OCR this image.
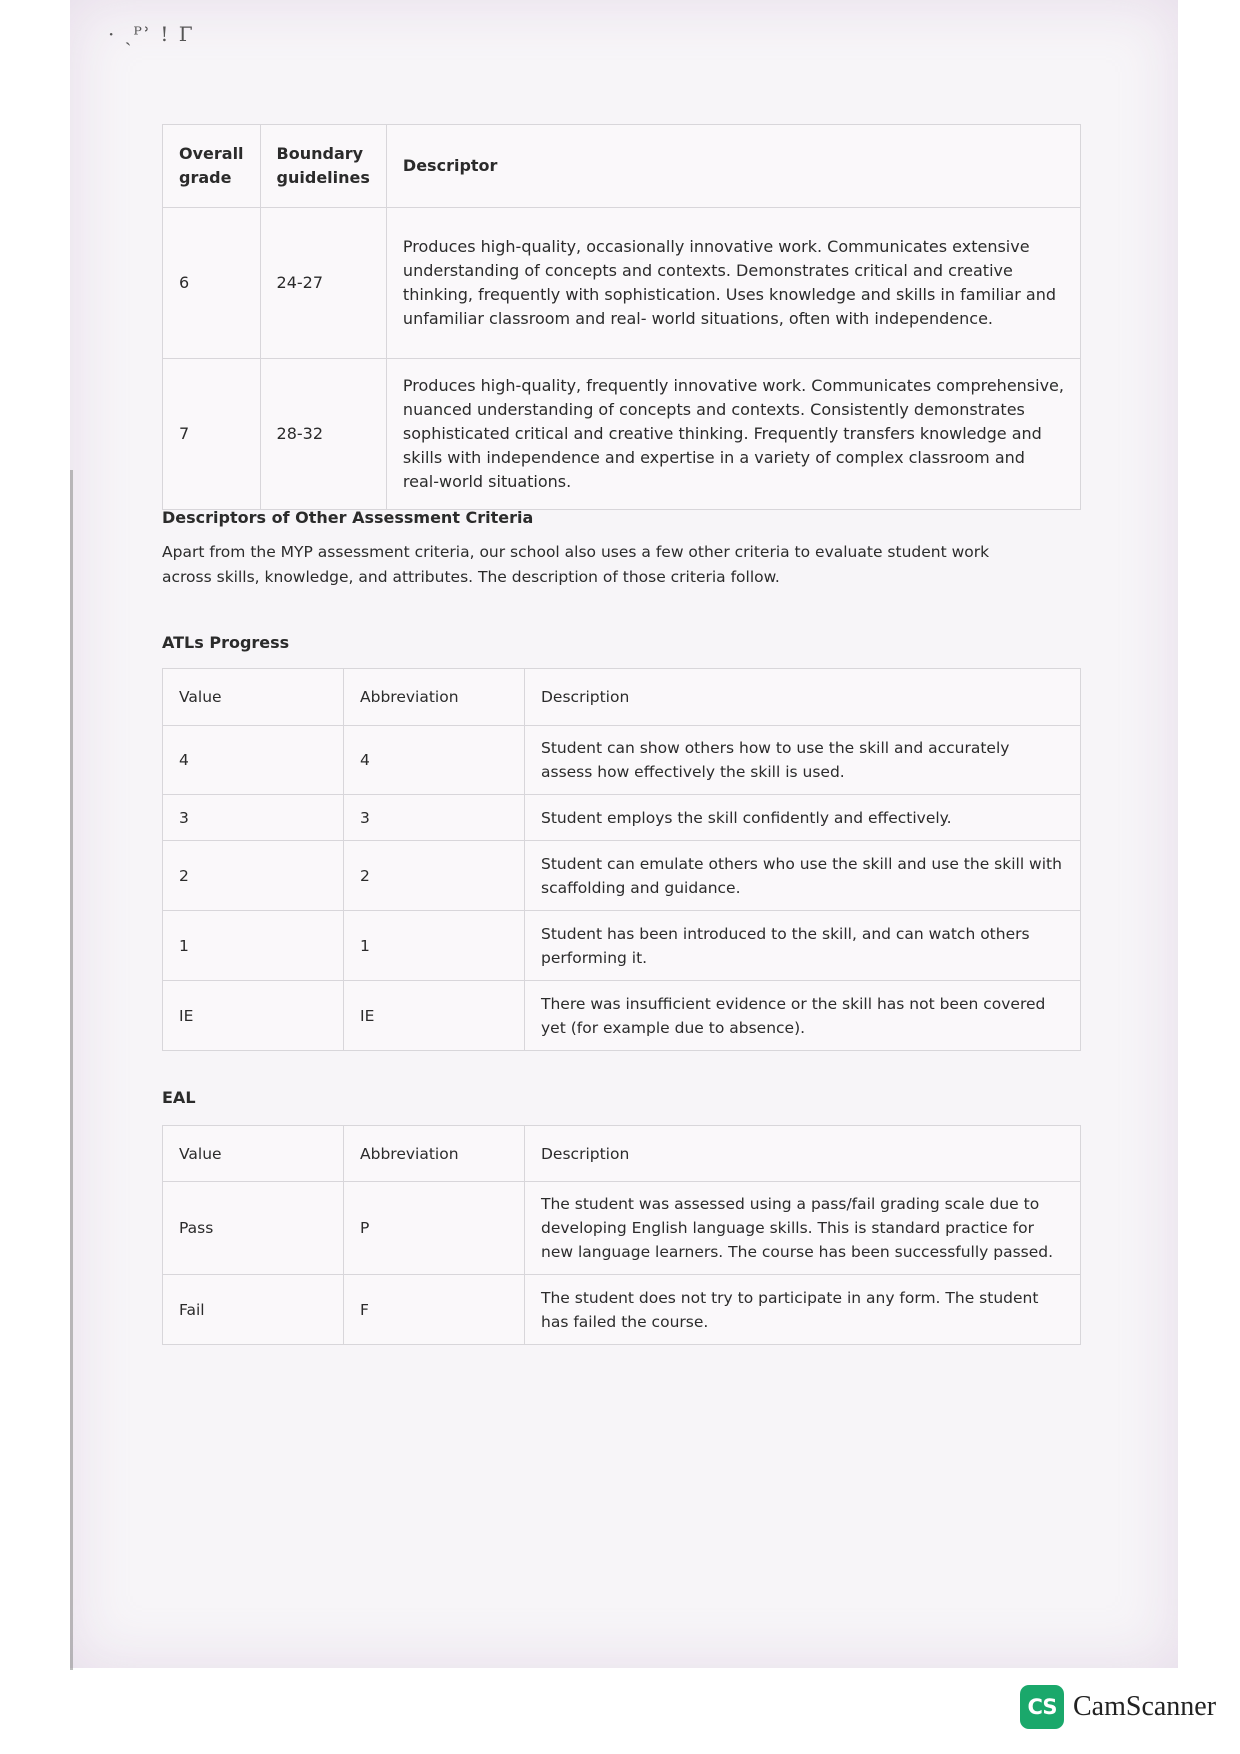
· ˎᴾʾ ! Γ
Overall grade	Boundary guidelines	Descriptor
6	24-27	Produces high-quality, occasionally innovative work. Communicates extensive understanding of concepts and contexts. Demonstrates critical and creative thinking, frequently with sophistication. Uses knowledge and skills in familiar and unfamiliar classroom and real- world situations, often with independence.
7	28-32	Produces high-quality, frequently innovative work. Communicates comprehensive, nuanced understanding of concepts and contexts. Consistently demonstrates sophisticated critical and creative thinking. Frequently transfers knowledge and skills with independence and expertise in a variety of complex classroom and real-world situations.
Descriptors of Other Assessment Criteria

Apart from the MYP assessment criteria, our school also uses a few other criteria to evaluate student work across skills, knowledge, and attributes. The description of those criteria follow.

ATLs Progress
Value	Abbreviation	Description
4	4	Student can show others how to use the skill and accurately assess how effectively the skill is used.
3	3	Student employs the skill confidently and effectively.
2	2	Student can emulate others who use the skill and use the skill with scaffolding and guidance.
1	1	Student has been introduced to the skill, and can watch others performing it.
IE	IE	There was insufficient evidence or the skill has not been covered yet (for example due to absence).
EAL
Value	Abbreviation	Description
Pass	P	The student was assessed using a pass/fail grading scale due to developing English language skills. This is standard practice for new language learners. The course has been successfully passed.
Fail	F	The student does not try to participate in any form. The student has failed the course.
CS CamScanner
